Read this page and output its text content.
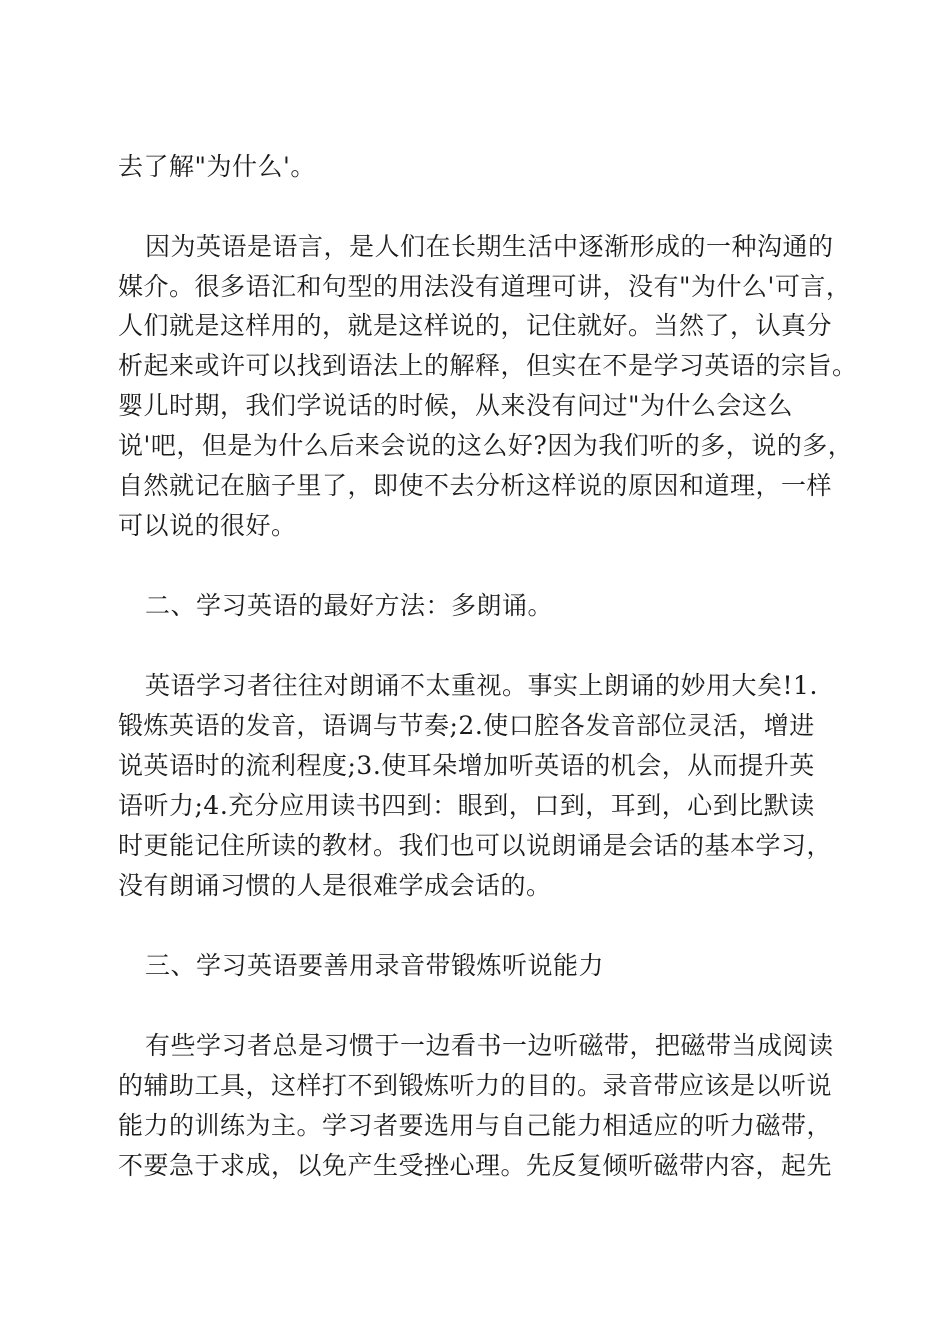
去了解"为什么'。
因为英语是语言，是人们在长期生活中逐渐形成的一种沟通的
媒介。很多语汇和句型的用法没有道理可讲，没有"为什么'可言，
人们就是这样用的，就是这样说的，记住就好。当然了，认真分
析起来或许可以找到语法上的解释，但实在不是学习英语的宗旨。
婴儿时期，我们学说话的时候，从来没有问过"为什么会这么
说'吧，但是为什么后来会说的这么好?因为我们听的多，说的多，
自然就记在脑子里了，即使不去分析这样说的原因和道理，一样
可以说的很好。
二、学习英语的最好方法：多朗诵。
英语学习者往往对朗诵不太重视。事实上朗诵的妙用大矣!1.
锻炼英语的发音，语调与节奏;2.使口腔各发音部位灵活，增进
说英语时的流利程度;3.使耳朵增加听英语的机会，从而提升英
语听力;4.充分应用读书四到：眼到，口到，耳到，心到比默读
时更能记住所读的教材。我们也可以说朗诵是会话的基本学习，
没有朗诵习惯的人是很难学成会话的。
三、学习英语要善用录音带锻炼听说能力
有些学习者总是习惯于一边看书一边听磁带，把磁带当成阅读
的辅助工具，这样打不到锻炼听力的目的。录音带应该是以听说
能力的训练为主。学习者要选用与自己能力相适应的听力磁带，
不要急于求成，以免产生受挫心理。先反复倾听磁带内容，起先
